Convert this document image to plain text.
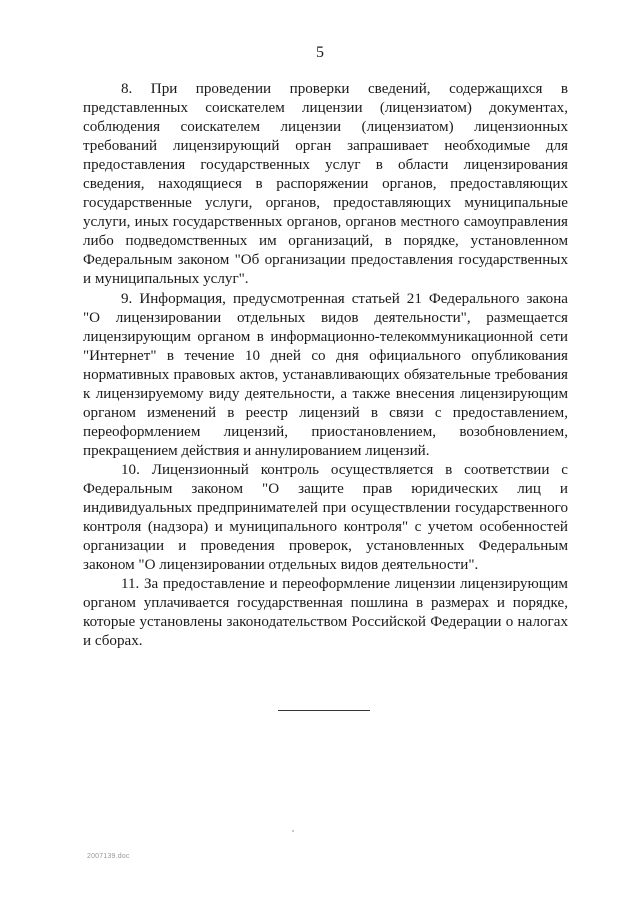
5

8. При проведении проверки сведений, содержащихся в представленных соискателем лицензии (лицензиатом) документах, соблюдения соискателем лицензии (лицензиатом) лицензионных требований лицензирующий орган запрашивает необходимые для предоставления государственных услуг в области лицензирования сведения, находящиеся в распоряжении органов, предоставляющих государственные услуги, органов, предоставляющих муниципальные услуги, иных государственных органов, органов местного самоуправления либо подведомственных им организаций, в порядке, установленном Федеральным законом "Об организации предоставления государственных и муниципальных услуг".

9. Информация, предусмотренная статьей 21 Федерального закона "О лицензировании отдельных видов деятельности", размещается лицензирующим органом в информационно-телекоммуникационной сети "Интернет" в течение 10 дней со дня официального опубликования нормативных правовых актов, устанавливающих обязательные требования к лицензируемому виду деятельности, а также внесения лицензирующим органом изменений в реестр лицензий в связи с предоставлением, переоформлением лицензий, приостановлением, возобновлением, прекращением действия и аннулированием лицензий.

10. Лицензионный контроль осуществляется в соответствии с Федеральным законом "О защите прав юридических лиц и индивидуальных предпринимателей при осуществлении государственного контроля (надзора) и муниципального контроля" с учетом особенностей организации и проведения проверок, установленных Федеральным законом "О лицензировании отдельных видов деятельности".

11. За предоставление и переоформление лицензии лицензирующим органом уплачивается государственная пошлина в размерах и порядке, которые установлены законодательством Российской Федерации о налогах и сборах.

2007139.doc
